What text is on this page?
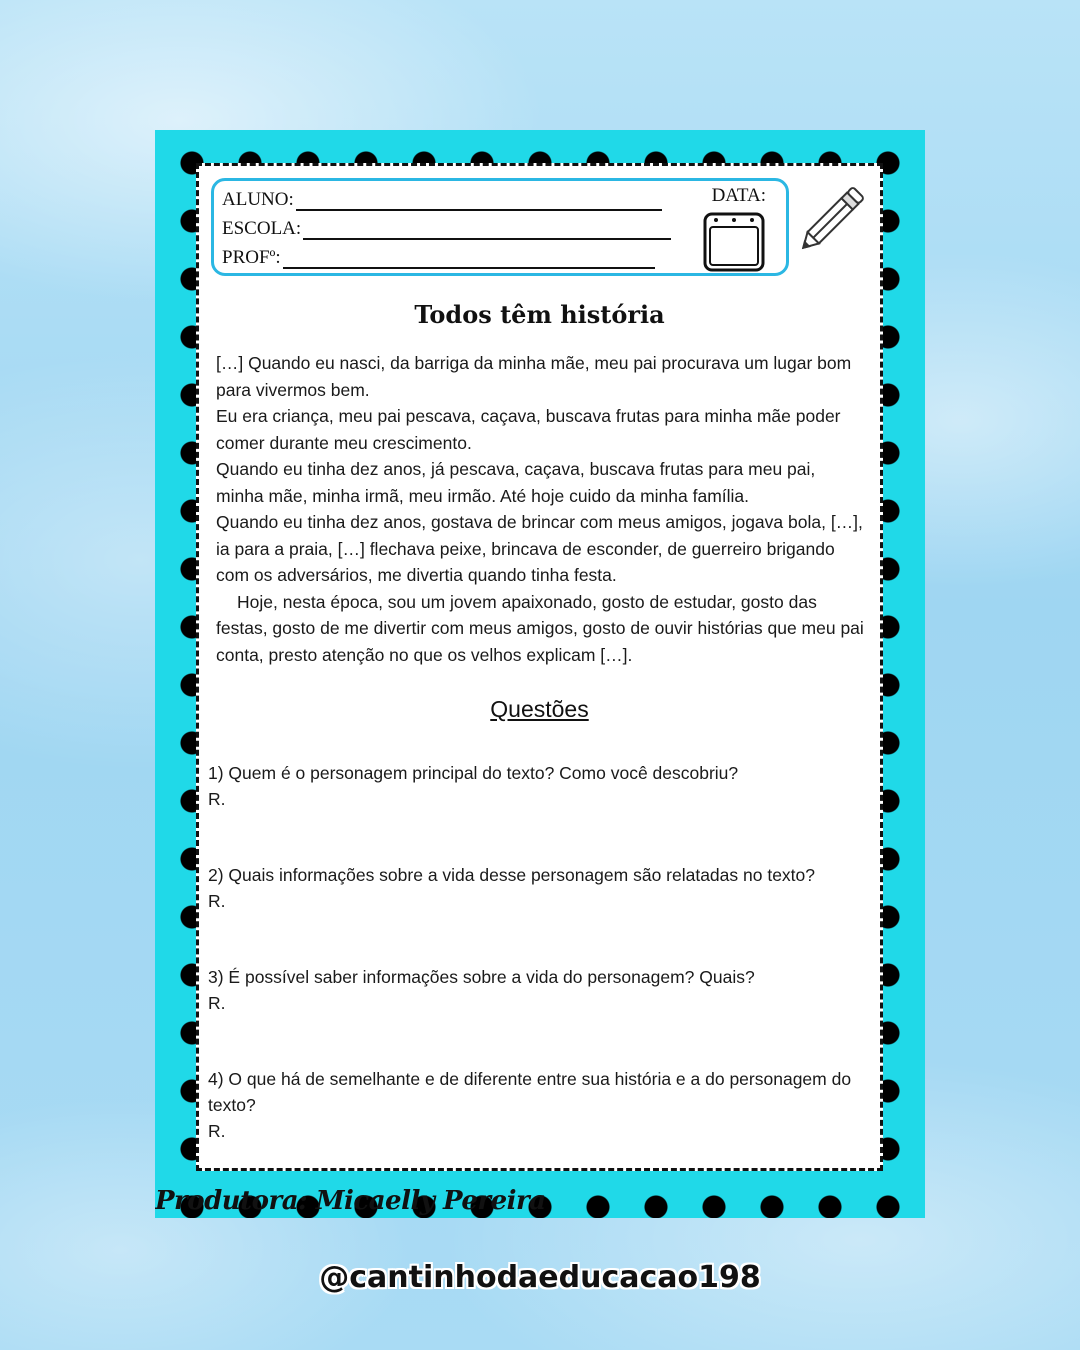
ALUNO:
ESCOLA:
PROFº:
DATA:
Todos têm história

[…] Quando eu nasci, da barriga da minha mãe, meu pai procurava um lugar bom para vivermos bem.

Eu era criança, meu pai pescava, caçava, buscava frutas para minha mãe poder comer durante meu crescimento.

Quando eu tinha dez anos, já pescava, caçava, buscava frutas para meu pai, minha mãe, minha irmã, meu irmão. Até hoje cuido da minha família.

Quando eu tinha dez anos, gostava de brincar com meus amigos, jogava bola, […], ia para a praia, […] flechava peixe, brincava de esconder, de guerreiro brigando com os adversários, me divertia quando tinha festa.

Hoje, nesta época, sou um jovem apaixonado, gosto de estudar, gosto das festas, gosto de me divertir com meus amigos, gosto de ouvir histórias que meu pai conta, presto atenção no que os velhos explicam […].

Questões

1) Quem é o personagem principal do texto? Como você descobriu?

R.

2) Quais informações sobre a vida desse personagem são relatadas no texto?

R.

3) É possível saber informações sobre a vida do personagem? Quais?

R.

4) O que há de semelhante e de diferente entre sua história e a do personagem do texto?

R.

Produtora: Micaelly Pereira
@cantinhodaeducacao198
